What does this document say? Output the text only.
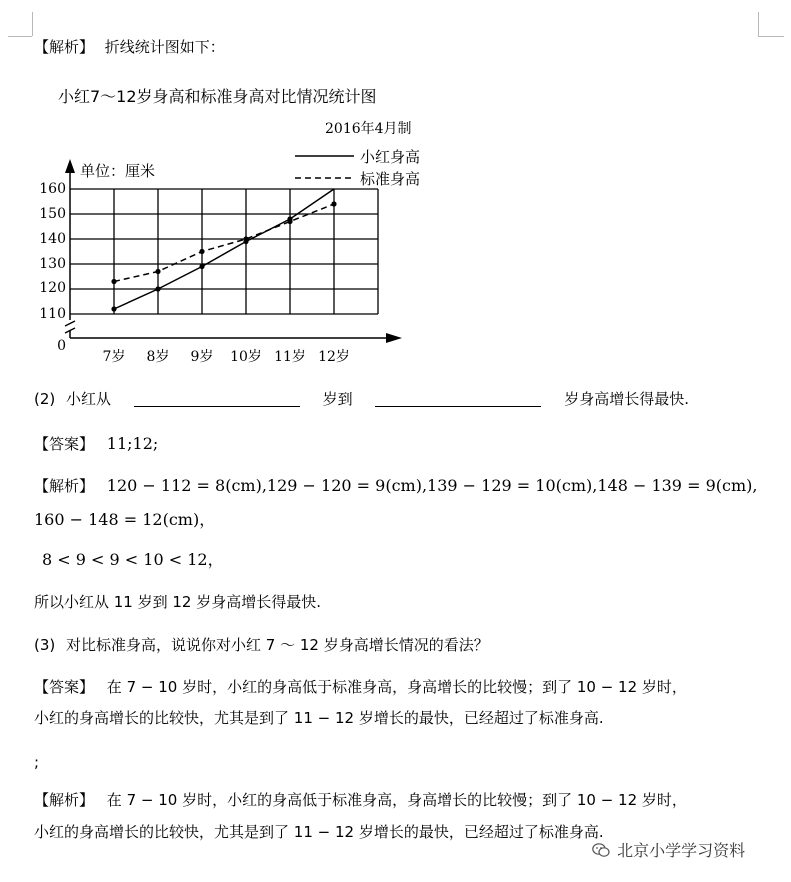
【解析】 折线统计图如下：
小红7～12岁身高和标准身高对比情况统计图
2016年4月制
单位：厘米
小红身高
标准身高
160
150
140
130
120
110
0
7岁 8岁 9岁 10岁 11岁 12岁
(2) 小红从	岁到	岁身高增长得最快.
【答案】 11;12;
【解析】 120 − 112 = 8(cm),129 − 120 = 9(cm),139 − 129 = 10(cm),148 − 139 = 9(cm),
160 − 148 = 12(cm)，
8 < 9 < 9 < 10 < 12，
所以小红从 11 岁到 12 岁身高增长得最快.
(3) 对比标准身高，说说你对小红 7 ～ 12 岁身高增长情况的看法？
【答案】 在 7 − 10 岁时，小红的身高低于标准身高，身高增长的比较慢；到了 10 − 12 岁时，
小红的身高增长的比较快，尤其是到了 11 − 12 岁增长的最快，已经超过了标准身高.
;
【解析】 在 7 − 10 岁时，小红的身高低于标准身高，身高增长的比较慢；到了 10 − 12 岁时，
小红的身高增长的比较快，尤其是到了 11 − 12 岁增长的最快，已经超过了标准身高.
北京小学学习资料
